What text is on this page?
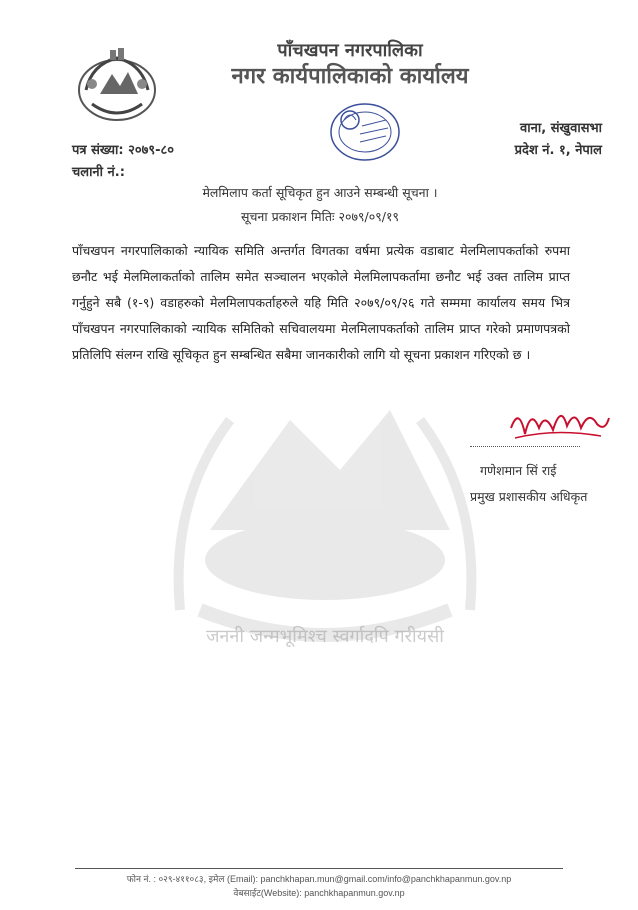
पाँचखपन नगरपालिका
नगर कार्यपालिकाको कार्यालय
वाना, संखुवासभा
प्रदेश नं. १, नेपाल
पत्र संख्या: २०७९-८०
चलानी नं.:
मेलमिलाप कर्ता सूचिकृत हुन आउने सम्बन्धी सूचना ।
सूचना प्रकाशन मितिः २०७९/०९/१९
जननी जन्मभूमिश्च स्वर्गादपि गरीयसी
पाँचखपन नगरपालिकाको न्यायिक समिति अन्तर्गत विगतका वर्षमा प्रत्येक वडाबाट मेलमिलापकर्ताको रुपमा छनौट भई मेलमिलाकर्ताको तालिम समेत सञ्चालन भएकोले मेलमिलापकर्तामा छनौट भई उक्त तालिम प्राप्त गर्नुहुने सबै (१-९) वडाहरुको मेलमिलापकर्ताहरुले यहि मिति २०७९/०९/२६ गते सम्ममा कार्यालय समय भित्र पाँचखपन नगरपालिकाको न्यायिक समितिको सचिवालयमा मेलमिलापकर्ताको तालिम प्राप्त गरेको प्रमाणपत्रको प्रतिलिपि संलग्न राखि सूचिकृत हुन सम्बन्धित सबैमा जानकारीको लागि यो सूचना प्रकाशन गरिएको छ ।
गणेशमान सिं राई
प्रमुख प्रशासकीय अधिकृत
फोन नं. : ०२९-४११०८३, इमेल (Email): panchkhapan.mun@gmail.com/info@panchkhapanmun.gov.np
वेबसाईट(Website): panchkhapanmun.gov.np
